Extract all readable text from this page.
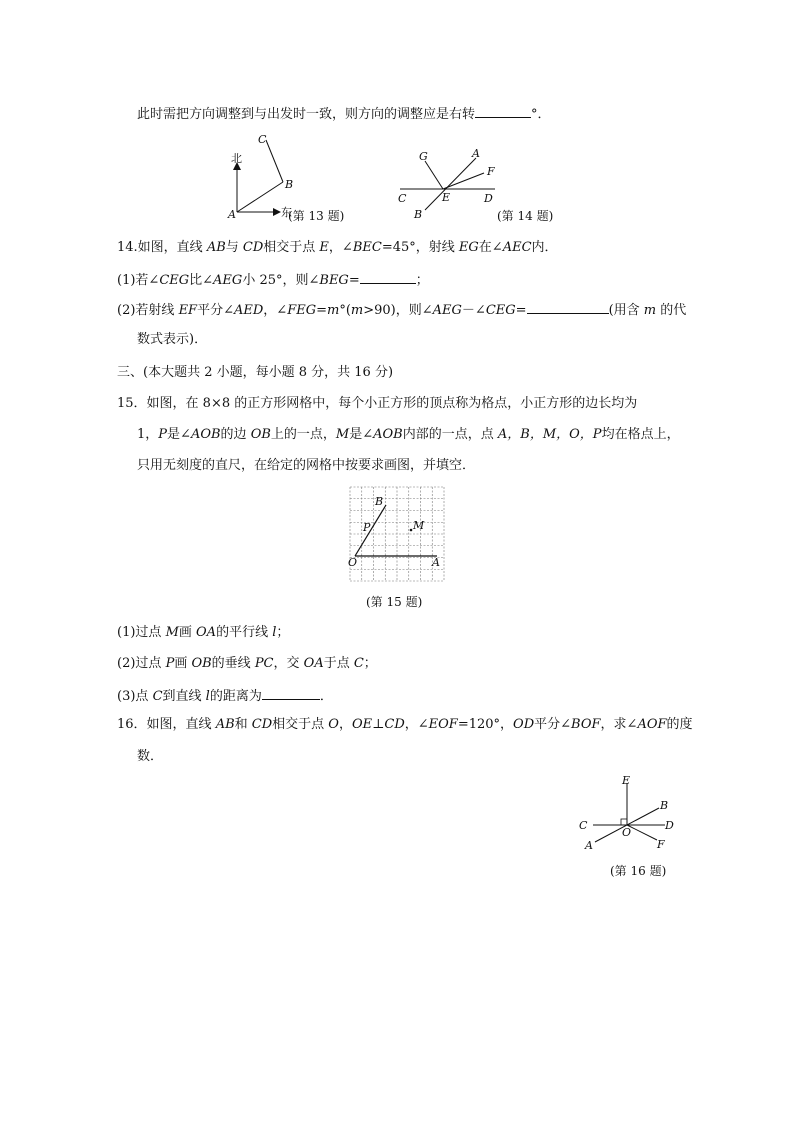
此时需把方向调整到与出发时一致，则方向的调整应是右转	°．
北
东
A
B
C
(第 13 题)
G	A
F
C	E	D
B	(第 14 题)
14.如图，直线 AB与 CD相交于点 E，∠BEC=45°，射线 EG在∠AEC内．
(1)若∠CEG比∠AEG小 25°，则∠BEG=	；
(2)若射线 EF平分∠AED，∠FEG=m°(m>90)，则∠AEG－∠CEG=	(用含 m 的代
数式表示)．
三、(本大题共 2 小题，每小题 8 分，共 16 分)
15．如图，在 8×8 的正方形网格中，每个小正方形的顶点称为格点，小正方形的边长均为
1，P是∠AOB的边 OB上的一点，M是∠AOB内部的一点，点 A，B，M，O，P均在格点上，
只用无刻度的直尺，在给定的网格中按要求画图，并填空．
B
P	M
O	A
(第 15 题)
(1)过点 M画 OA的平行线 l；
(2)过点 P画 OB的垂线 PC，交 OA于点 C；
(3)点 C到直线 l的距离为	．
16．如图，直线 AB和 CD相交于点 O，OE⊥CD，∠EOF=120°，OD平分∠BOF，求∠AOF的度
数．
E
B
C
O
D
A	F
(第 16 题)
